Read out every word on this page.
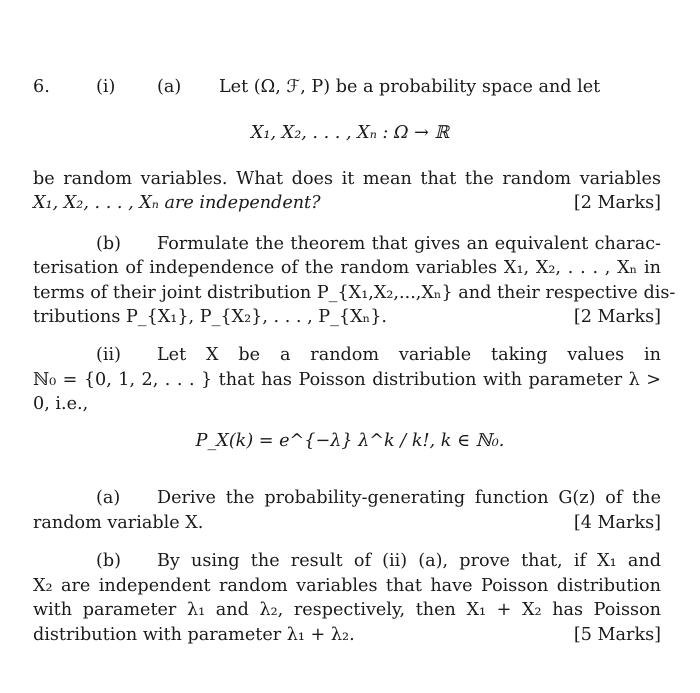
6.	(i) (a) Let (Ω, ℱ, P) be a probability space and let
X₁, X₂, . . . , Xₙ : Ω → ℝ
be random variables. What does it mean that the random variables
X₁, X₂, . . . , Xₙ are independent?	[2 Marks]
(b) Formulate the theorem that gives an equivalent charac-
terisation of independence of the random variables X₁, X₂, . . . , Xₙ in
terms of their joint distribution P_{X₁,X₂,...,Xₙ} and their respective dis-
tributions P_{X₁}, P_{X₂}, . . . , P_{Xₙ}.	[2 Marks]
(ii) Let X be a random variable taking values in
ℕ₀ = {0, 1, 2, . . . } that has Poisson distribution with parameter λ >
0, i.e.,
P_X(k) = e^{−λ} λ^k / k!, k ∈ ℕ₀.
(a) Derive the probability-generating function G(z) of the
random variable X.	[4 Marks]
(b) By using the result of (ii) (a), prove that, if X₁ and
X₂ are independent random variables that have Poisson distribution
with parameter λ₁ and λ₂, respectively, then X₁ + X₂ has Poisson
distribution with parameter λ₁ + λ₂.	[5 Marks]
